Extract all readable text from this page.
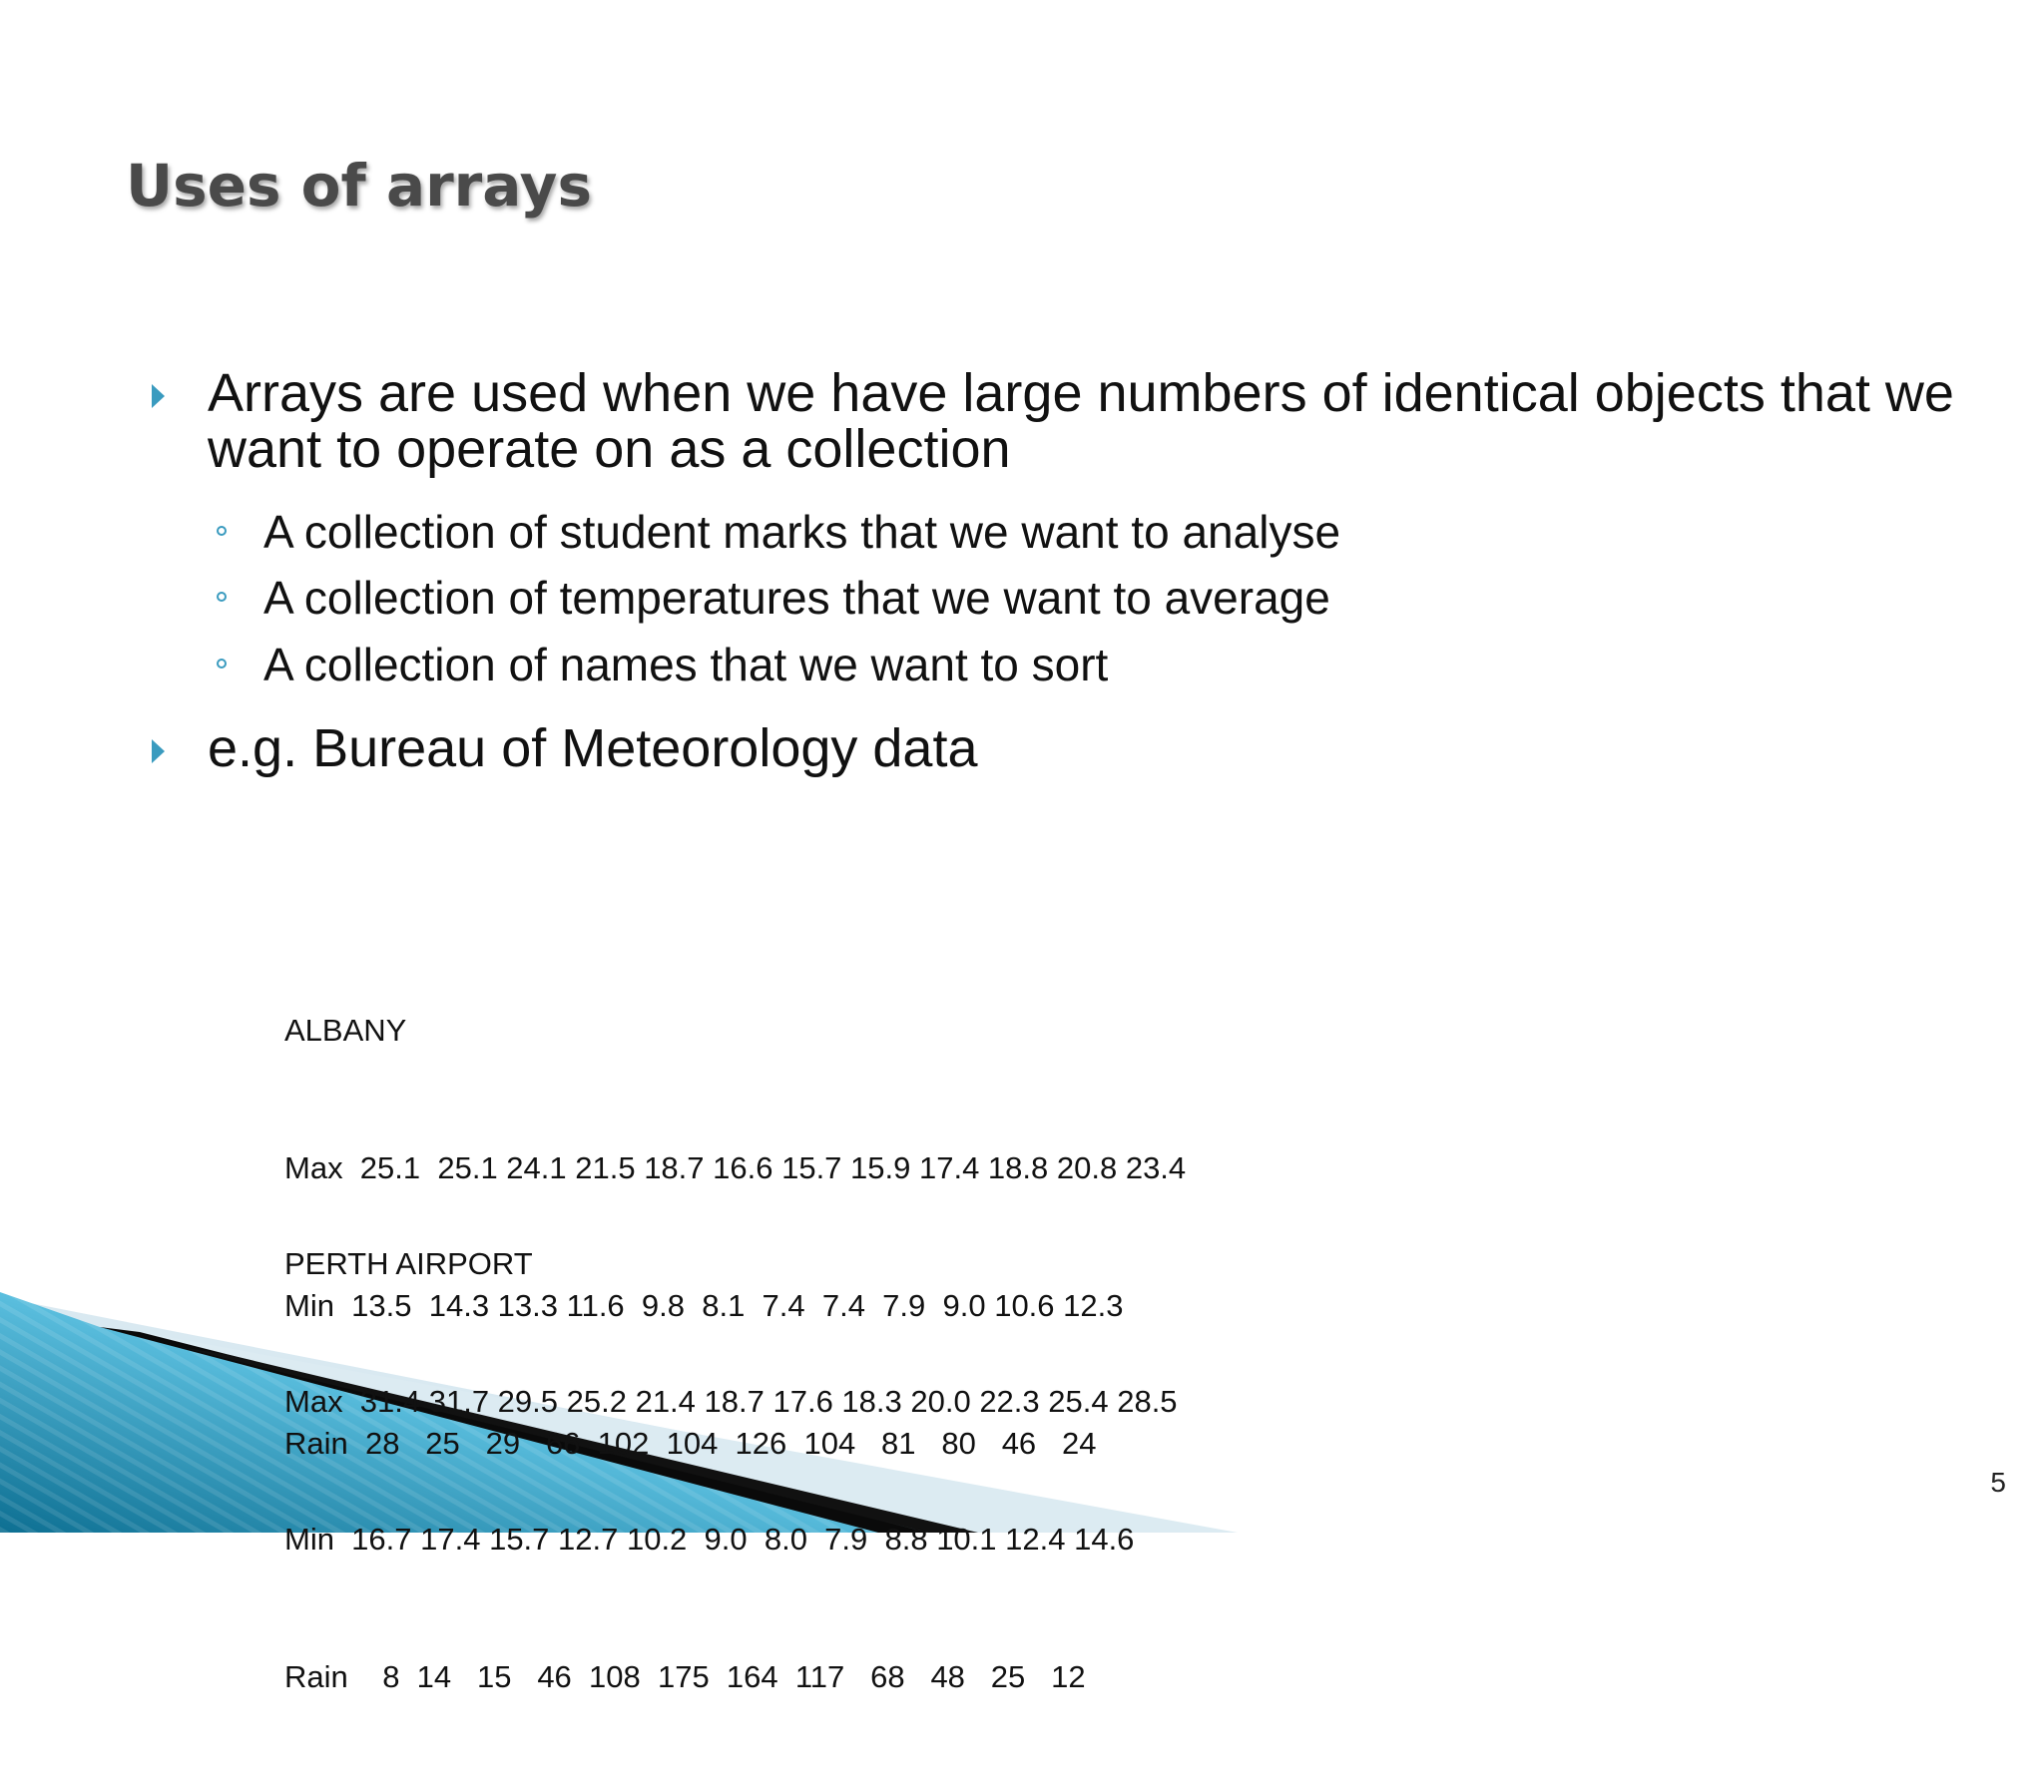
Uses of arrays
Arrays are used when we have large numbers of identical objects that we want to operate on as a collection
A collection of student marks that we want to analyse
A collection of temperatures that we want to average
A collection of names that we want to sort
e.g. Bureau of Meteorology data

ALBANY

Max  25.1  25.1 24.1 21.5 18.7 16.6 15.7 15.9 17.4 18.8 20.8 23.4

Min  13.5  14.3 13.3 11.6  9.8  8.1  7.4  7.4  7.9  9.0 10.6 12.3

Rain  28   25   29   66  102  104  126  104   81   80   46   24

PERTH AIRPORT

Max  31.4 31.7 29.5 25.2 21.4 18.7 17.6 18.3 20.0 22.3 25.4 28.5

Min  16.7 17.4 15.7 12.7 10.2  9.0  8.0  7.9  8.8 10.1 12.4 14.6

Rain    8  14   15   46  108  175  164  117   68   48   25   12

5
